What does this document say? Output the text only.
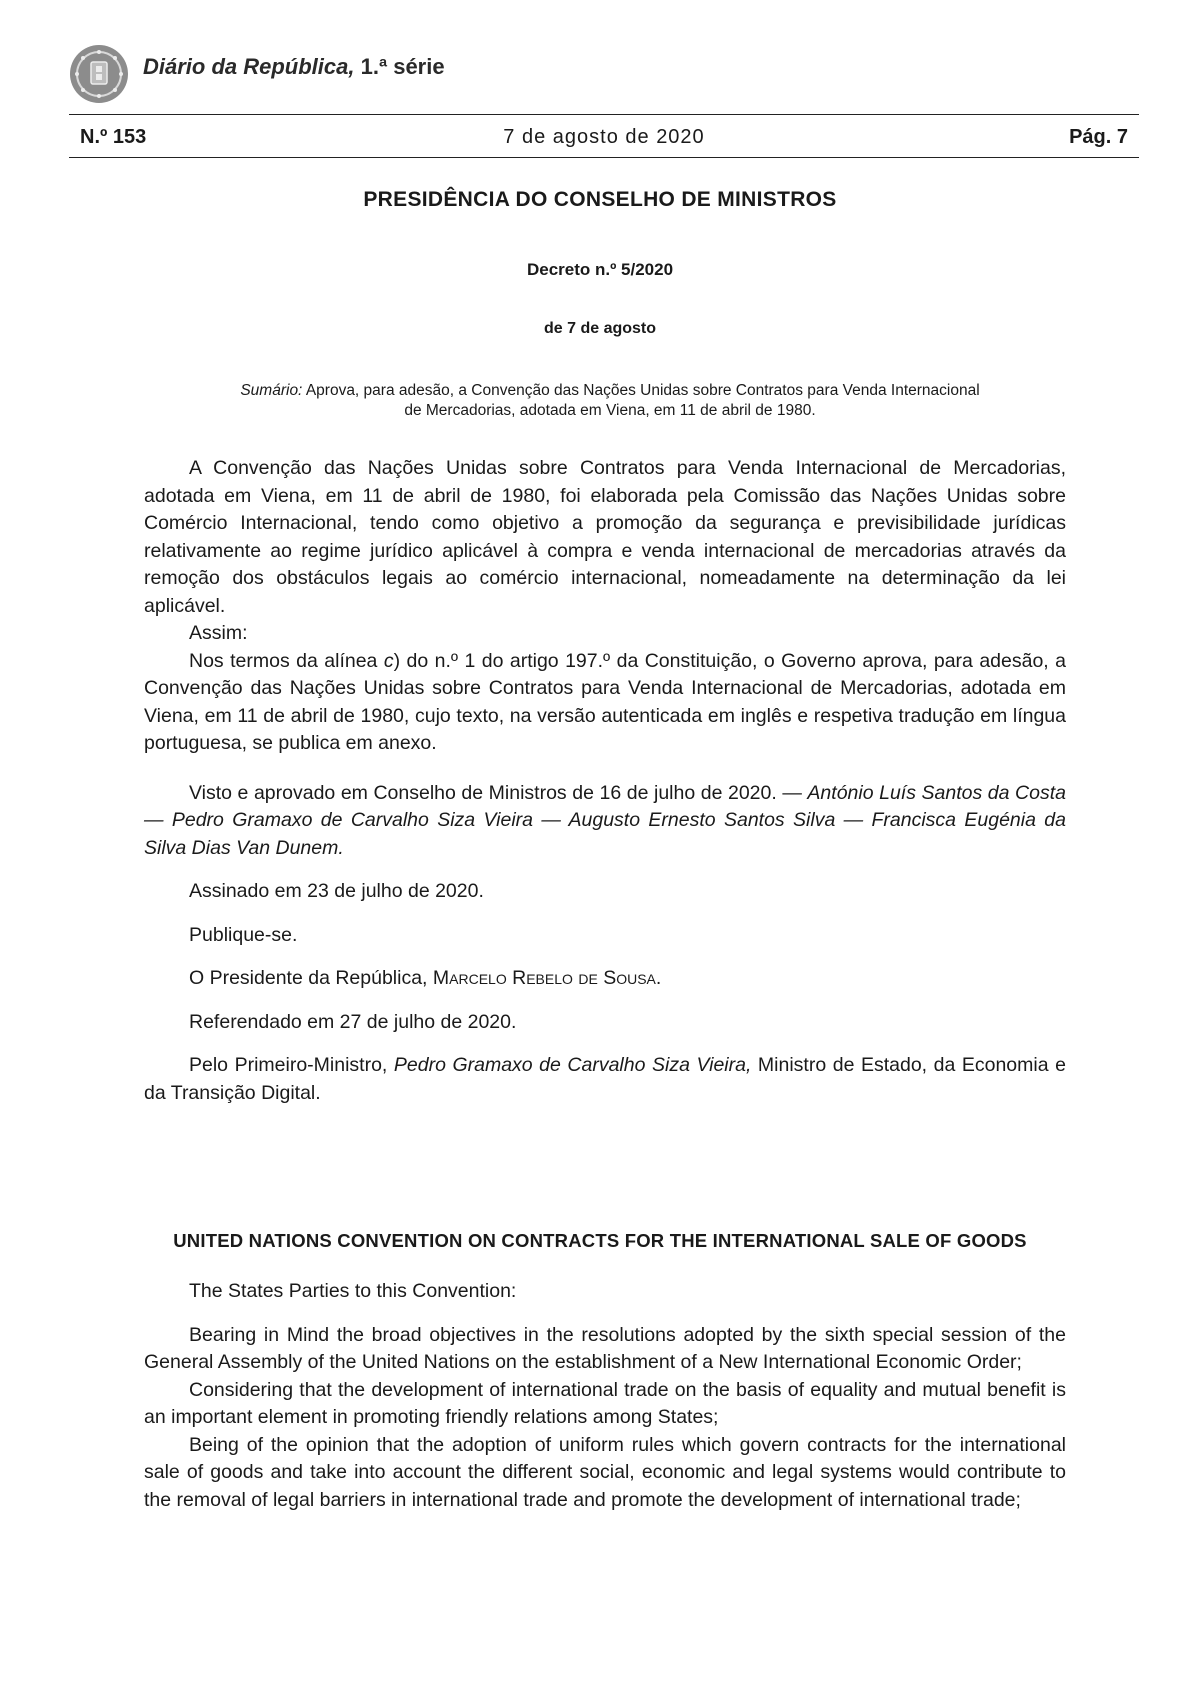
Diário da República, 1.ª série
N.º 153	7 de agosto de 2020	Pág. 7
PRESIDÊNCIA DO CONSELHO DE MINISTROS
Decreto n.º 5/2020
de 7 de agosto
Sumário: Aprova, para adesão, a Convenção das Nações Unidas sobre Contratos para Venda Internacional de Mercadorias, adotada em Viena, em 11 de abril de 1980.

A Convenção das Nações Unidas sobre Contratos para Venda Internacional de Mercadorias, adotada em Viena, em 11 de abril de 1980, foi elaborada pela Comissão das Nações Unidas sobre Comércio Internacional, tendo como objetivo a promoção da segurança e previsibilidade jurídicas relativamente ao regime jurídico aplicável à compra e venda internacional de mercadorias através da remoção dos obstáculos legais ao comércio internacional, nomeadamente na determinação da lei aplicável.

Assim:

Nos termos da alínea c) do n.º 1 do artigo 197.º da Constituição, o Governo aprova, para adesão, a Convenção das Nações Unidas sobre Contratos para Venda Internacional de Mercadorias, adotada em Viena, em 11 de abril de 1980, cujo texto, na versão autenticada em inglês e respetiva tradução em língua portuguesa, se publica em anexo.

Visto e aprovado em Conselho de Ministros de 16 de julho de 2020. — António Luís Santos da Costa — Pedro Gramaxo de Carvalho Siza Vieira — Augusto Ernesto Santos Silva — Francisca Eugénia da Silva Dias Van Dunem.

Assinado em 23 de julho de 2020.

Publique-se.

O Presidente da República, Marcelo Rebelo de Sousa.

Referendado em 27 de julho de 2020.

Pelo Primeiro-Ministro, Pedro Gramaxo de Carvalho Siza Vieira, Ministro de Estado, da Economia e da Transição Digital.

UNITED NATIONS CONVENTION ON CONTRACTS FOR THE INTERNATIONAL SALE OF GOODS

The States Parties to this Convention:

Bearing in Mind the broad objectives in the resolutions adopted by the sixth special session of the General Assembly of the United Nations on the establishment of a New International Economic Order;

Considering that the development of international trade on the basis of equality and mutual benefit is an important element in promoting friendly relations among States;

Being of the opinion that the adoption of uniform rules which govern contracts for the international sale of goods and take into account the different social, economic and legal systems would contribute to the removal of legal barriers in international trade and promote the development of international trade;
